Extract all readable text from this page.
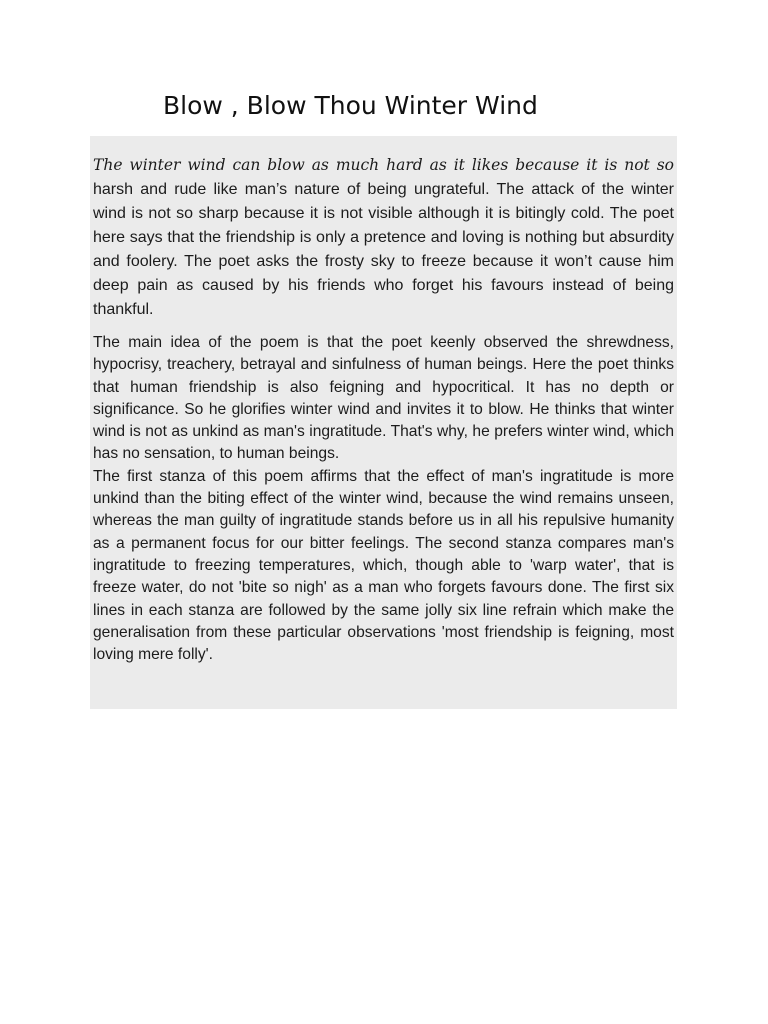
Blow , Blow Thou Winter Wind

The winter wind can blow as much hard as it likes because it is not so harsh and rude like man’s nature of being ungrateful. The attack of the winter wind is not so sharp because it is not visible although it is bitingly cold. The poet here says that the friendship is only a pretence and loving is nothing but absurdity and foolery. The poet asks the frosty sky to freeze because it won’t cause him deep pain as caused by his friends who forget his favours instead of being thankful.

The main idea of the poem is that the poet keenly observed the shrewdness, hypocrisy, treachery, betrayal and sinfulness of human beings. Here the poet thinks that human friendship is also feigning and hypocritical. It has no depth or significance. So he glorifies winter wind and invites it to blow. He thinks that winter wind is not as unkind as man's ingratitude. That's why, he prefers winter wind, which has no sensation, to human beings.

The first stanza of this poem affirms that the effect of man's ingratitude is more unkind than the biting effect of the winter wind, because the wind remains unseen, whereas the man guilty of ingratitude stands before us in all his repulsive humanity as a permanent focus for our bitter feelings. The second stanza compares man's ingratitude to freezing temperatures, which, though able to 'warp water', that is freeze water, do not 'bite so nigh' as a man who forgets favours done. The first six lines in each stanza are followed by the same jolly six line refrain which make the generalisation from these particular observations 'most friendship is feigning, most loving mere folly'.
